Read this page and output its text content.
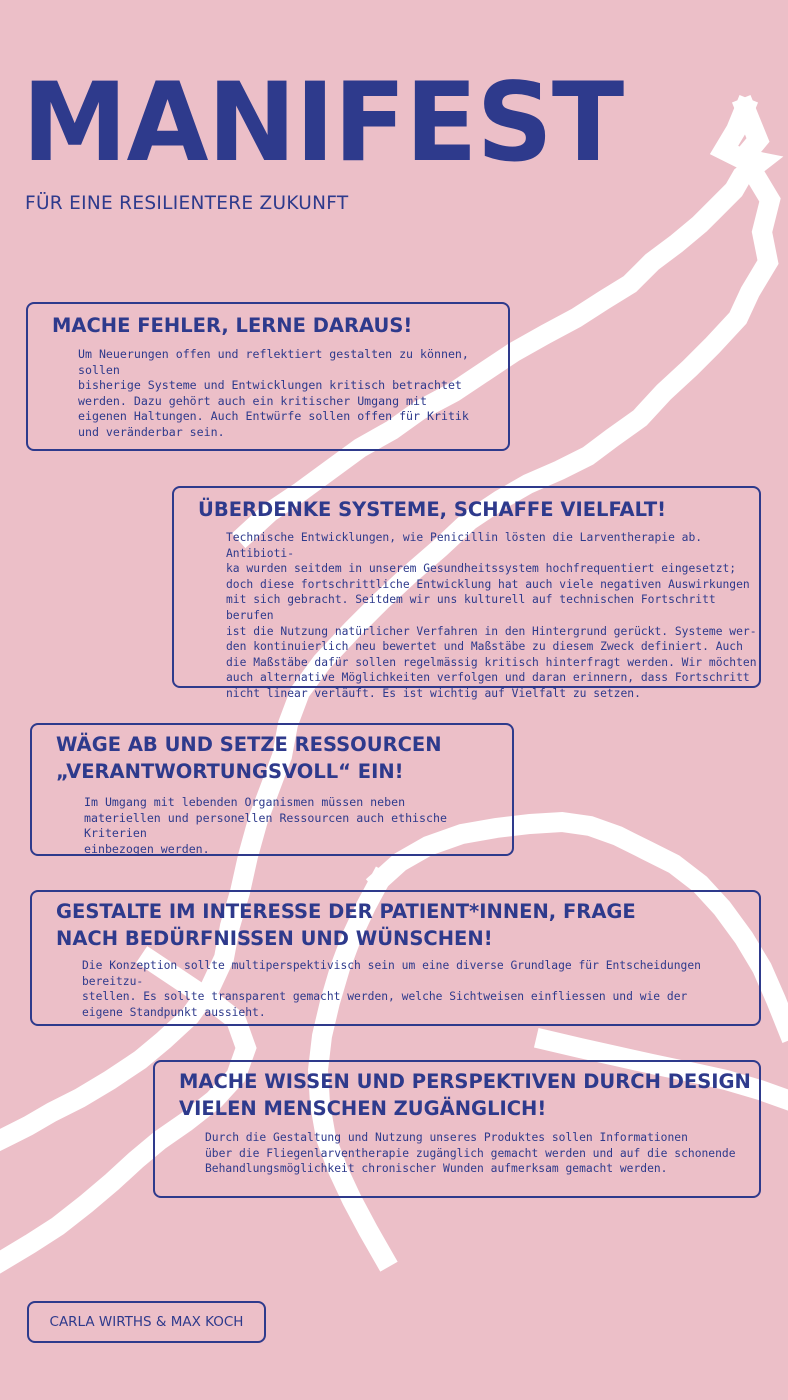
MANIFEST
FÜR EINE RESILIENTERE ZUKUNFT
MACHE FEHLER, LERNE DARAUS!

Um Neuerungen offen und reflektiert gestalten zu können, sollen
bisherige Systeme und Entwicklungen kritisch betrachtet
werden. Dazu gehört auch ein kritischer Umgang mit
eigenen Haltungen. Auch Entwürfe sollen offen für Kritik
und veränderbar sein.

ÜBERDENKE SYSTEME, SCHAFFE VIELFALT!

Technische Entwicklungen, wie Penicillin lösten die Larventherapie ab. Antibioti-
ka wurden seitdem in unserem Gesundheitssystem hochfrequentiert eingesetzt;
doch diese fortschrittliche Entwicklung hat auch viele negativen Auswirkungen
mit sich gebracht. Seitdem wir uns kulturell auf technischen Fortschritt berufen
ist die Nutzung natürlicher Verfahren in den Hintergrund gerückt. Systeme wer-
den kontinuierlich neu bewertet und Maßstäbe zu diesem Zweck definiert. Auch
die Maßstäbe dafür sollen regelmässig kritisch hinterfragt werden. Wir möchten
auch alternative Möglichkeiten verfolgen und daran erinnern, dass Fortschritt
nicht linear verläuft. Es ist wichtig auf Vielfalt zu setzen.

WÄGE AB UND SETZE RESSOURCEN
„VERANTWORTUNGSVOLL“ EIN!

Im Umgang mit lebenden Organismen müssen neben
materiellen und personellen Ressourcen auch ethische Kriterien
einbezogen werden.

GESTALTE IM INTERESSE DER PATIENT*INNEN, FRAGE
NACH BEDÜRFNISSEN UND WÜNSCHEN!

Die Konzeption sollte multiperspektivisch sein um eine diverse Grundlage für Entscheidungen bereitzu-
stellen. Es sollte transparent gemacht werden, welche Sichtweisen einfliessen und wie der
eigene Standpunkt aussieht.

MACHE WISSEN UND PERSPEKTIVEN DURCH DESIGN
VIELEN MENSCHEN ZUGÄNGLICH!

Durch die Gestaltung und Nutzung unseres Produktes sollen Informationen
über die Fliegenlarventherapie zugänglich gemacht werden und auf die schonende
Behandlungsmöglichkeit chronischer Wunden aufmerksam gemacht werden.

CARLA WIRTHS & MAX KOCH
